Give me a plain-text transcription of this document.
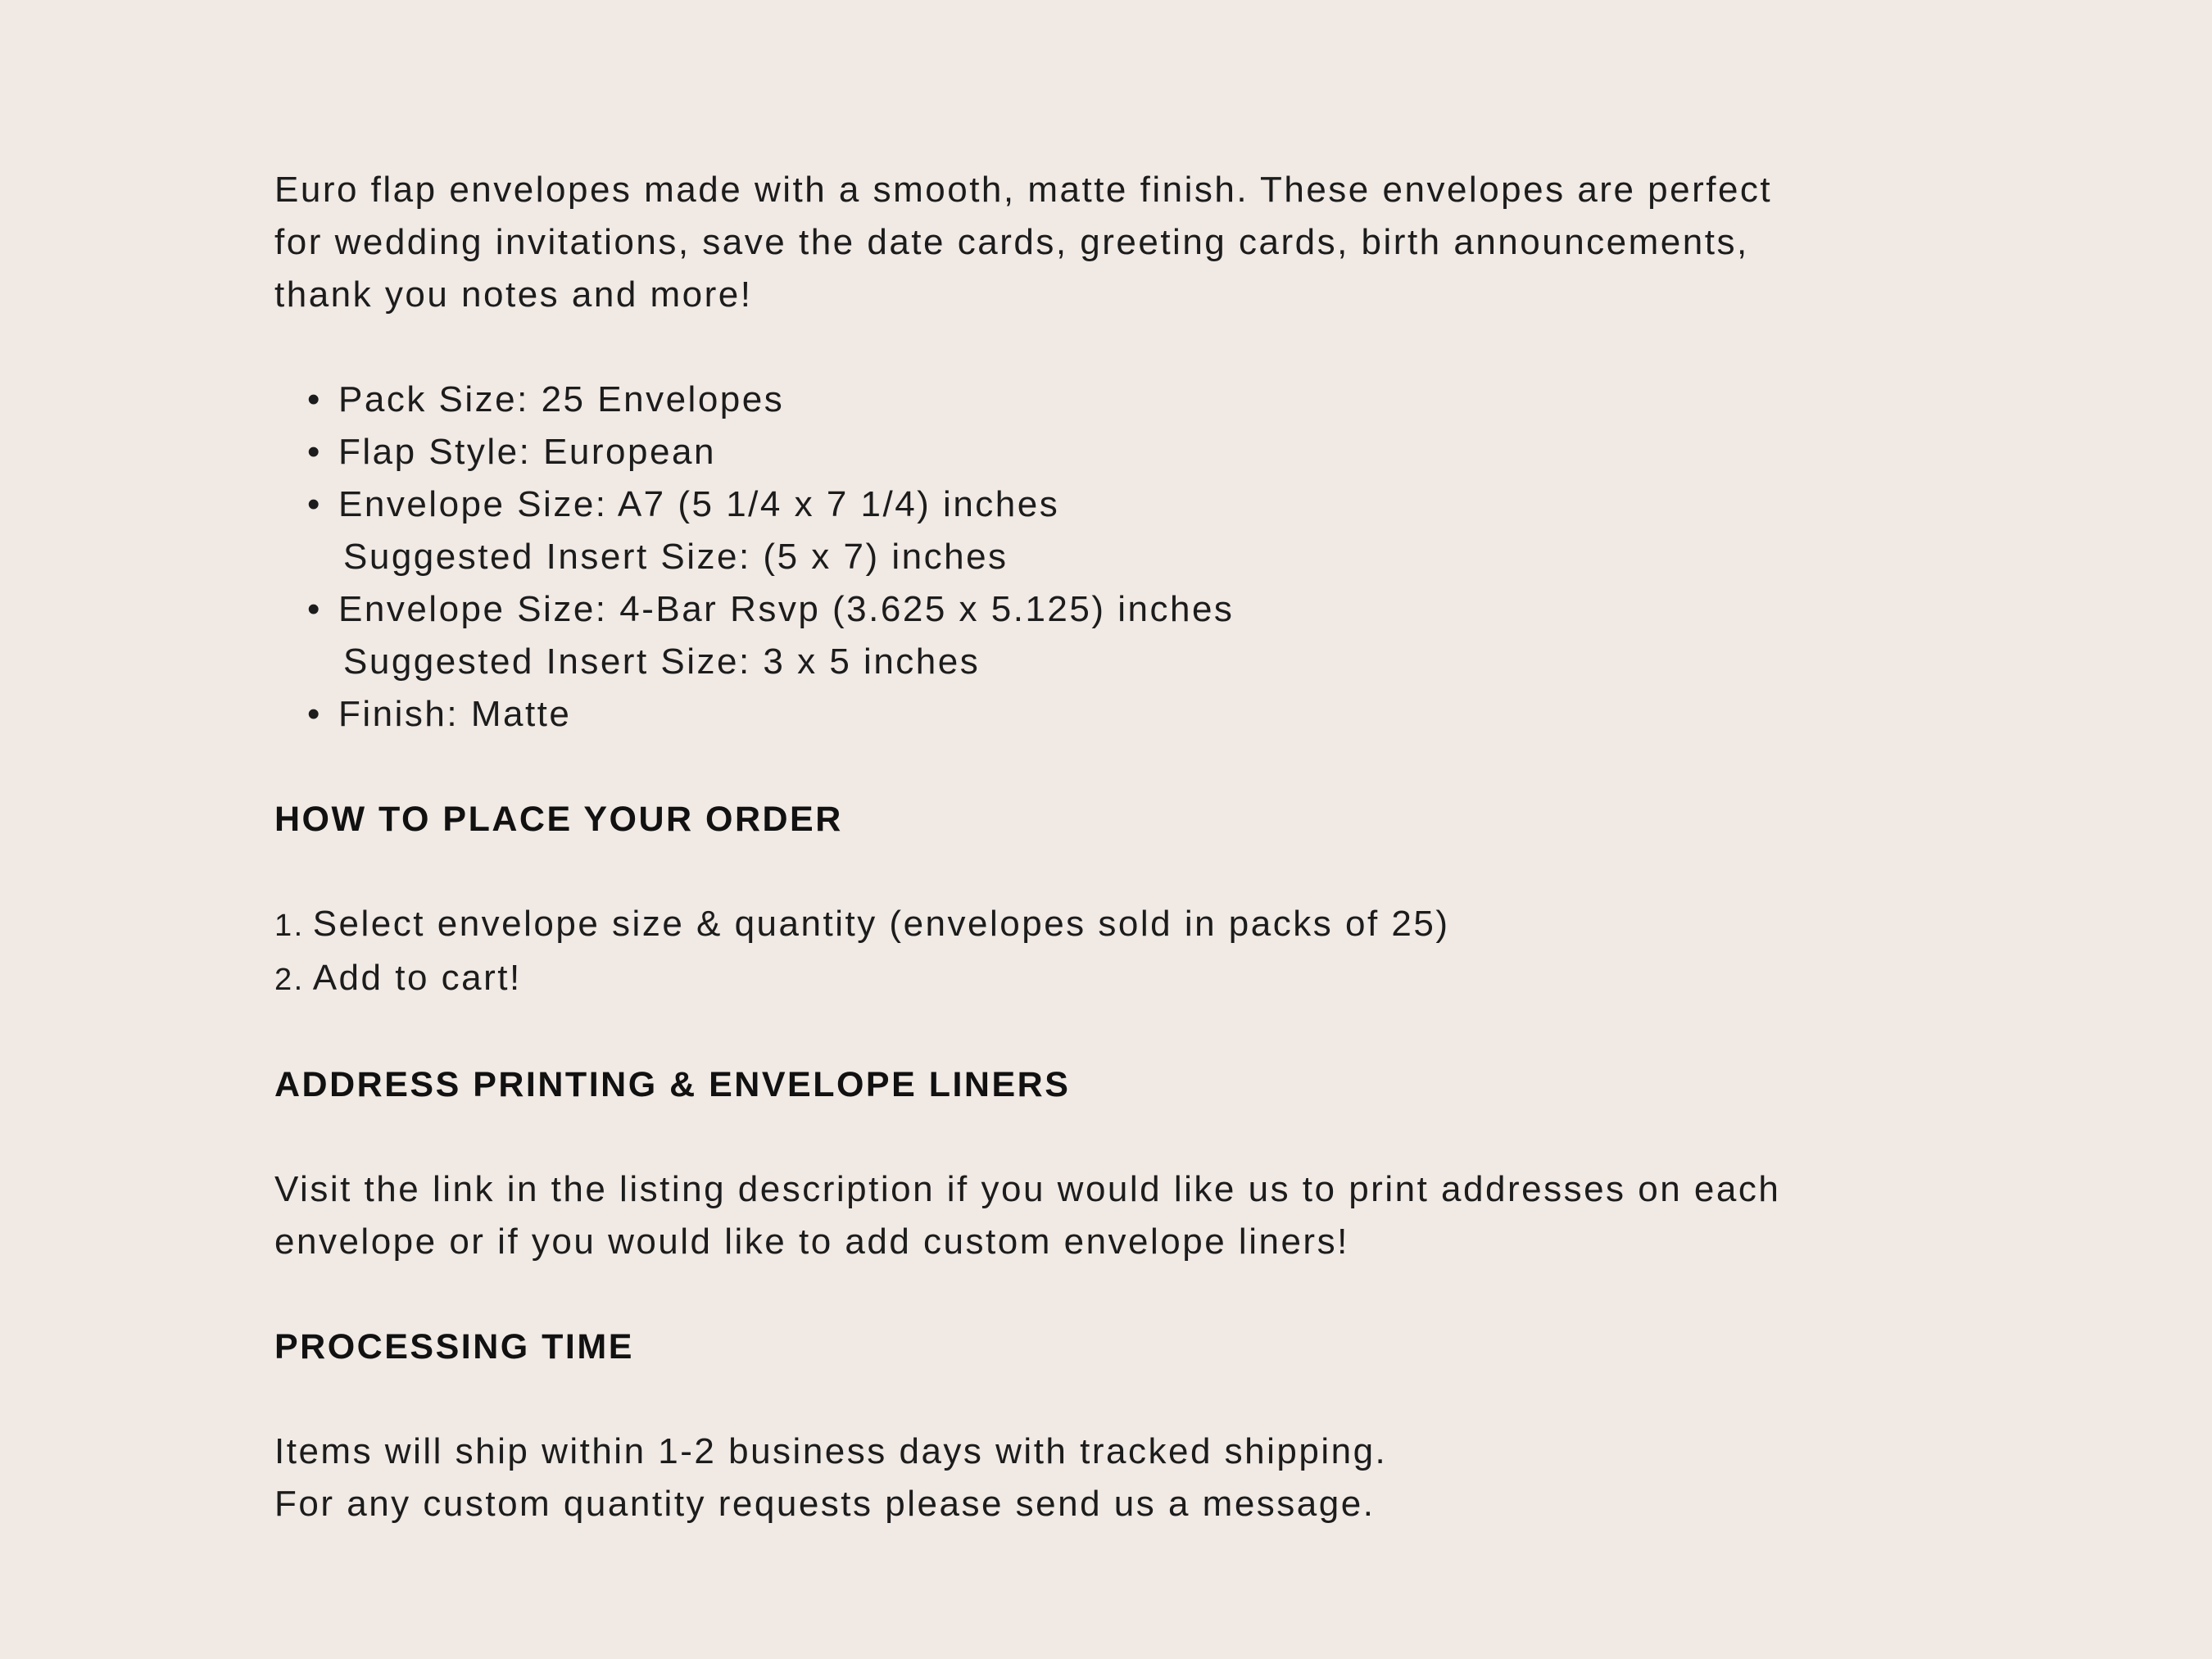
Euro flap envelopes made with a smooth, matte finish. These envelopes are perfect
for wedding invitations, save the date cards, greeting cards, birth announcements,
thank you notes and more!

• Pack Size: 25 Envelopes
• Flap Style: European
• Envelope Size: A7 (5 1/4 x 7 1/4) inches
Suggested Insert Size: (5 x 7) inches
• Envelope Size: 4-Bar Rsvp (3.625 x 5.125) inches
Suggested Insert Size: 3 x 5 inches
• Finish: Matte
HOW TO PLACE YOUR ORDER
1. Select envelope size & quantity (envelopes sold in packs of 25)
2. Add to cart!
ADDRESS PRINTING & ENVELOPE LINERS

Visit the link in the listing description if you would like us to print addresses on each
envelope or if you would like to add custom envelope liners!

PROCESSING TIME

Items will ship within 1-2 business days with tracked shipping.
For any custom quantity requests please send us a message.
